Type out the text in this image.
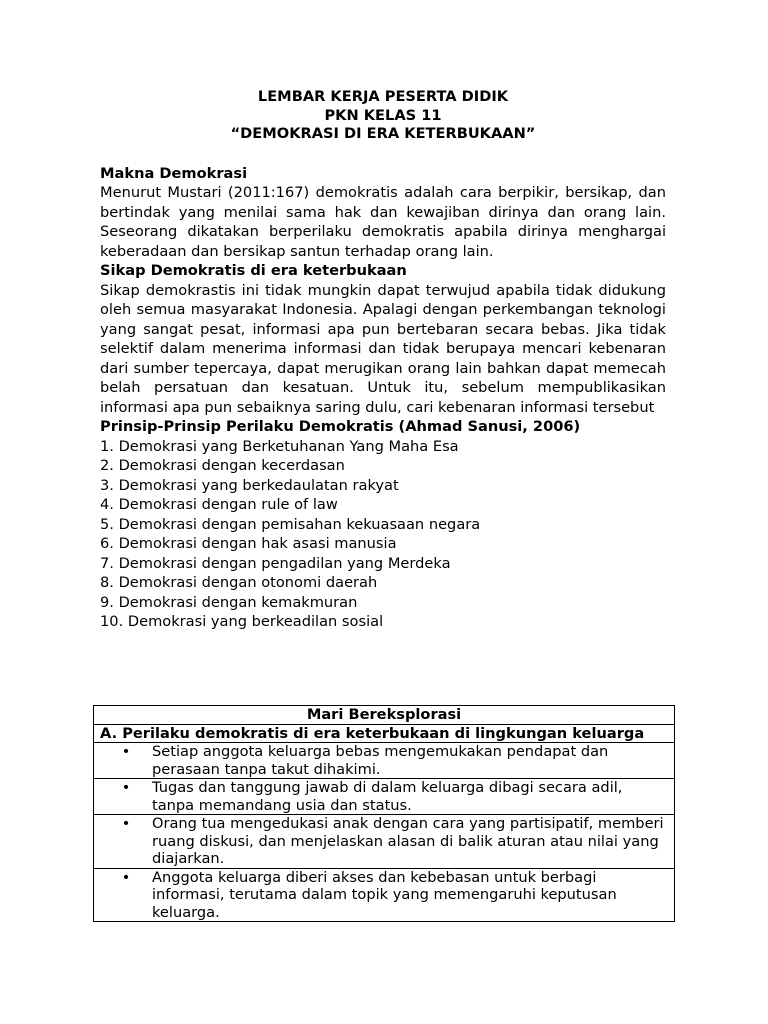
LEMBAR KERJA PESERTA DIDIK
PKN KELAS 11
“DEMOKRASI DI ERA KETERBUKAAN”
Makna Demokrasi
Menurut Mustari (2011:167) demokratis adalah cara berpikir, bersikap, dan bertindak yang menilai sama hak dan kewajiban dirinya dan orang lain. Seseorang dikatakan berperilaku demokratis apabila dirinya menghargai keberadaan dan bersikap santun terhadap orang lain.
Sikap Demokratis di era keterbukaan
Sikap demokrastis ini tidak mungkin dapat terwujud apabila tidak didukung oleh semua masyarakat Indonesia. Apalagi dengan perkembangan teknologi yang sangat pesat, informasi apa pun bertebaran secara bebas. Jika tidak selektif dalam menerima informasi dan tidak berupaya mencari kebenaran dari sumber tepercaya, dapat merugikan orang lain bahkan dapat memecah belah persatuan dan kesatuan. Untuk itu, sebelum mempublikasikan informasi apa pun sebaiknya saring dulu, cari kebenaran informasi tersebut
Prinsip-Prinsip Perilaku Demokratis (Ahmad Sanusi, 2006)
1. Demokrasi yang Berketuhanan Yang Maha Esa
2. Demokrasi dengan kecerdasan
3. Demokrasi yang berkedaulatan rakyat
4. Demokrasi dengan rule of law
5. Demokrasi dengan pemisahan kekuasaan negara
6. Demokrasi dengan hak asasi manusia
7. Demokrasi dengan pengadilan yang Merdeka
8. Demokrasi dengan otonomi daerah
9. Demokrasi dengan kemakmuran
10. Demokrasi yang berkeadilan sosial
Mari Bereksplorasi
A. Perilaku demokratis di era keterbukaan di lingkungan keluarga

•	Setiap anggota keluarga bebas mengemukakan pendapat dan perasaan tanpa takut dihakimi.

•	Tugas dan tanggung jawab di dalam keluarga dibagi secara adil, tanpa memandang usia dan status.

•	Orang tua mengedukasi anak dengan cara yang partisipatif, memberi ruang diskusi, dan menjelaskan alasan di balik aturan atau nilai yang diajarkan.

•	Anggota keluarga diberi akses dan kebebasan untuk berbagi informasi, terutama dalam topik yang memengaruhi keputusan keluarga.
